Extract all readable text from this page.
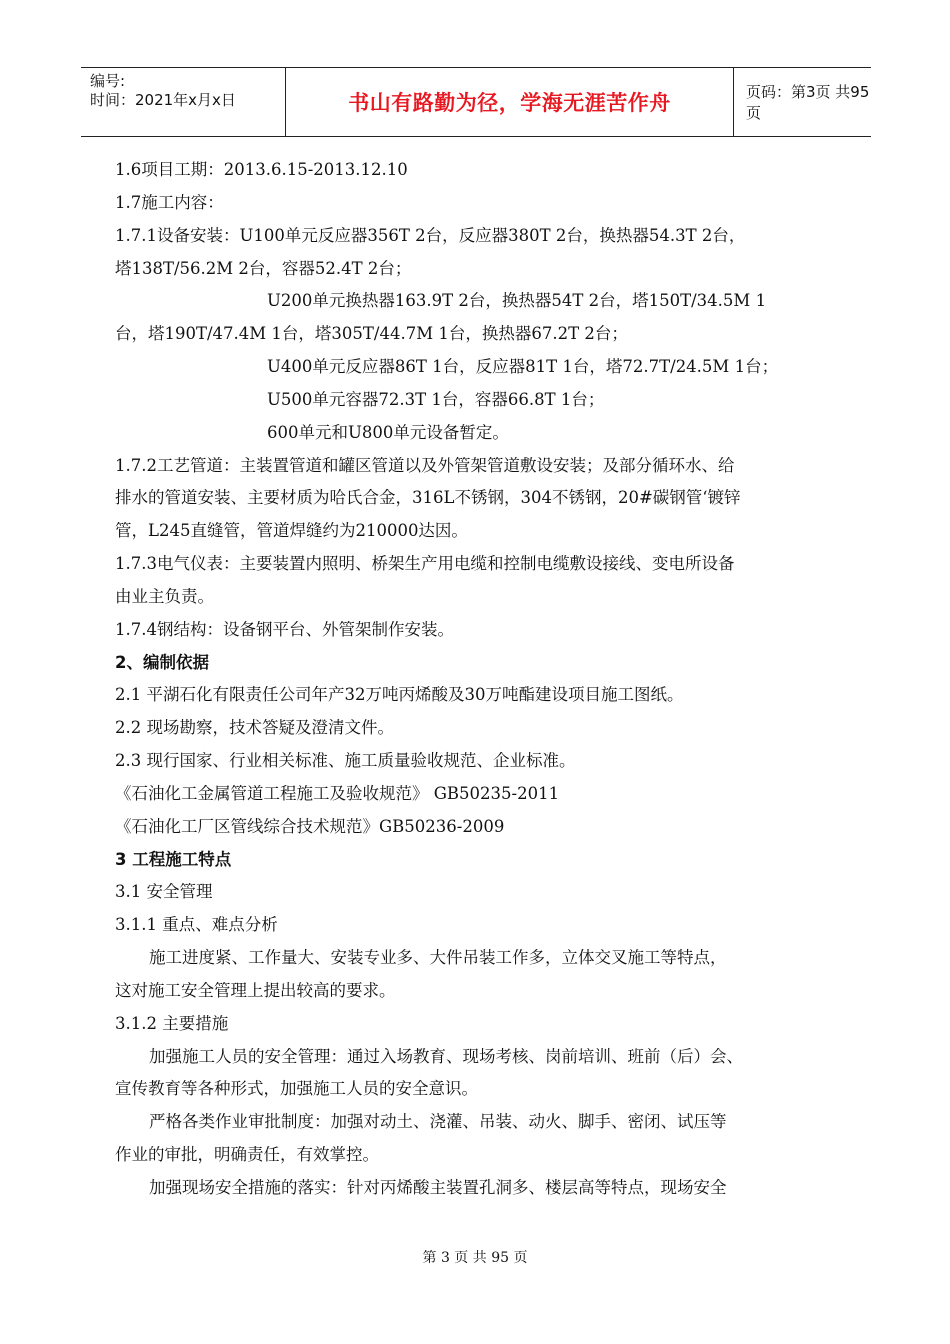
编号:
时间：2021年x月x日	书山有路勤为径，学海无涯苦作舟	页码：第3页 共95页
1.6项目工期：2013.6.15-2013.12.10
1.7施工内容：
1.7.1设备安装：U100单元反应器356T 2台，反应器380T 2台，换热器54.3T 2台，
塔138T/56.2M 2台，容器52.4T 2台；
U200单元换热器163.9T 2台，换热器54T 2台，塔150T/34.5M 1
台，塔190T/47.4M 1台，塔305T/44.7M 1台，换热器67.2T 2台；
U400单元反应器86T 1台，反应器81T 1台，塔72.7T/24.5M 1台；
U500单元容器72.3T 1台，容器66.8T 1台；
600单元和U800单元设备暂定。
1.7.2工艺管道：主装置管道和罐区管道以及外管架管道敷设安装；及部分循环水、给
排水的管道安装、主要材质为哈氏合金，316L不锈钢，304不锈钢，20#碳钢管‘镀锌
管，L245直缝管，管道焊缝约为210000达因。
1.7.3电气仪表：主要装置内照明、桥架生产用电缆和控制电缆敷设接线、变电所设备
由业主负责。
1.7.4钢结构：设备钢平台、外管架制作安装。
2、编制依据
2.1 平湖石化有限责任公司年产32万吨丙烯酸及30万吨酯建设项目施工图纸。
2.2 现场勘察，技术答疑及澄清文件。
2.3 现行国家、行业相关标准、施工质量验收规范、企业标准。
《石油化工金属管道工程施工及验收规范》 GB50235-2011
《石油化工厂区管线综合技术规范》GB50236-2009
3 工程施工特点
3.1 安全管理
3.1.1 重点、难点分析
施工进度紧、工作量大、安装专业多、大件吊装工作多，立体交叉施工等特点，
这对施工安全管理上提出较高的要求。
3.1.2 主要措施
加强施工人员的安全管理：通过入场教育、现场考核、岗前培训、班前（后）会、
宣传教育等各种形式，加强施工人员的安全意识。
严格各类作业审批制度：加强对动土、浇灌、吊装、动火、脚手、密闭、试压等
作业的审批，明确责任，有效掌控。
加强现场安全措施的落实：针对丙烯酸主装置孔洞多、楼层高等特点，现场安全
第 3 页 共 95 页
